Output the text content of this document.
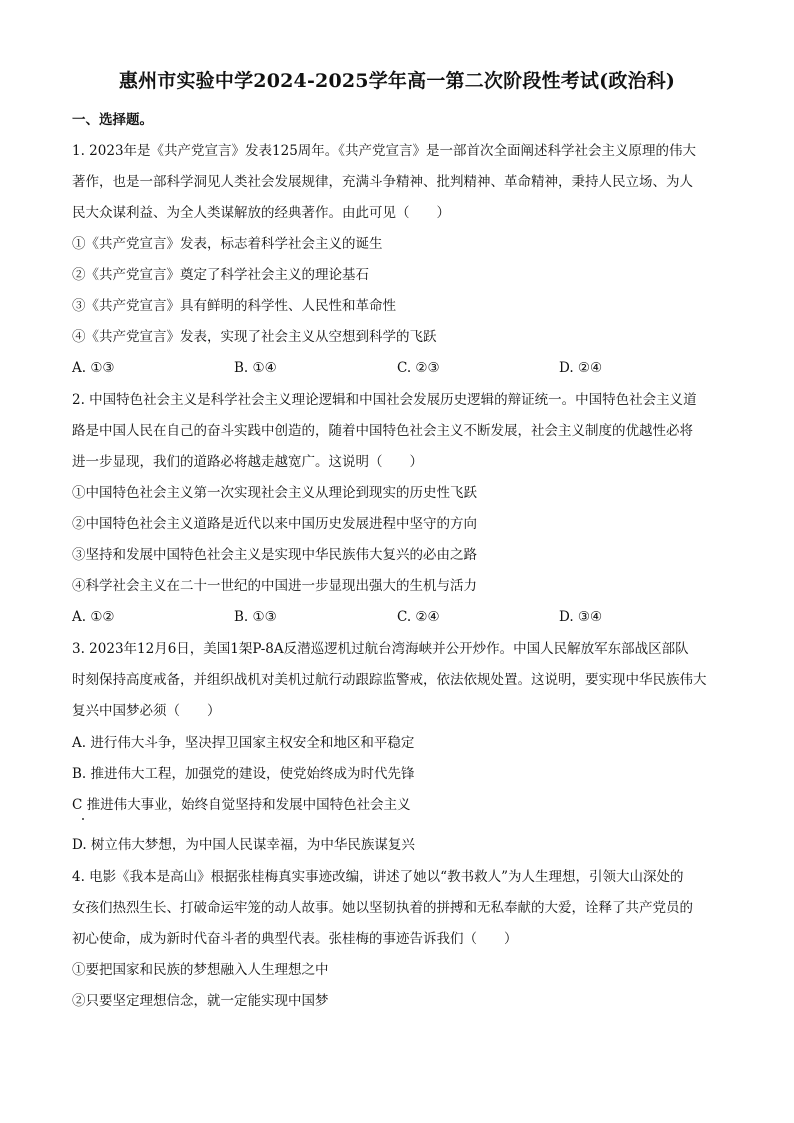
惠州市实验中学2024-2025学年高一第二次阶段性考试(政治科)
一、选择题。
1. 2023年是《共产党宣言》发表125周年。《共产党宣言》是一部首次全面阐述科学社会主义原理的伟大
著作，也是一部科学洞见人类社会发展规律，充满斗争精神、批判精神、革命精神，秉持人民立场、为人
民大众谋利益、为全人类谋解放的经典著作。由此可见（　　）
①《共产党宣言》发表，标志着科学社会主义的诞生
②《共产党宣言》奠定了科学社会主义的理论基石
③《共产党宣言》具有鲜明的科学性、人民性和革命性
④《共产党宣言》发表，实现了社会主义从空想到科学的飞跃
A. ①③	B. ①④	C. ②③	D. ②④
2. 中国特色社会主义是科学社会主义理论逻辑和中国社会发展历史逻辑的辩证统一。中国特色社会主义道
路是中国人民在自己的奋斗实践中创造的，随着中国特色社会主义不断发展，社会主义制度的优越性必将
进一步显现，我们的道路必将越走越宽广。这说明（　　）
①中国特色社会主义第一次实现社会主义从理论到现实的历史性飞跃
②中国特色社会主义道路是近代以来中国历史发展进程中坚守的方向
③坚持和发展中国特色社会主义是实现中华民族伟大复兴的必由之路
④科学社会主义在二十一世纪的中国进一步显现出强大的生机与活力
A. ①②	B. ①③	C. ②④	D. ③④
3. 2023年12月6日，美国1架P-8A反潜巡逻机过航台湾海峡并公开炒作。中国人民解放军东部战区部队
时刻保持高度戒备，并组织战机对美机过航行动跟踪监警戒，依法依规处置。这说明，要实现中华民族伟大
复兴中国梦必须（　　）
A. 进行伟大斗争，坚决捍卫国家主权安全和地区和平稳定
B. 推进伟大工程，加强党的建设，使党始终成为时代先锋
C 推进伟大事业，始终自觉坚持和发展中国特色社会主义
D. 树立伟大梦想，为中国人民谋幸福，为中华民族谋复兴
4. 电影《我本是高山》根据张桂梅真实事迹改编，讲述了她以“教书救人”为人生理想，引领大山深处的
女孩们热烈生长、打破命运牢笼的动人故事。她以坚韧执着的拼搏和无私奉献的大爱，诠释了共产党员的
初心使命，成为新时代奋斗者的典型代表。张桂梅的事迹告诉我们（　　）
①要把国家和民族的梦想融入人生理想之中
②只要坚定理想信念，就一定能实现中国梦
